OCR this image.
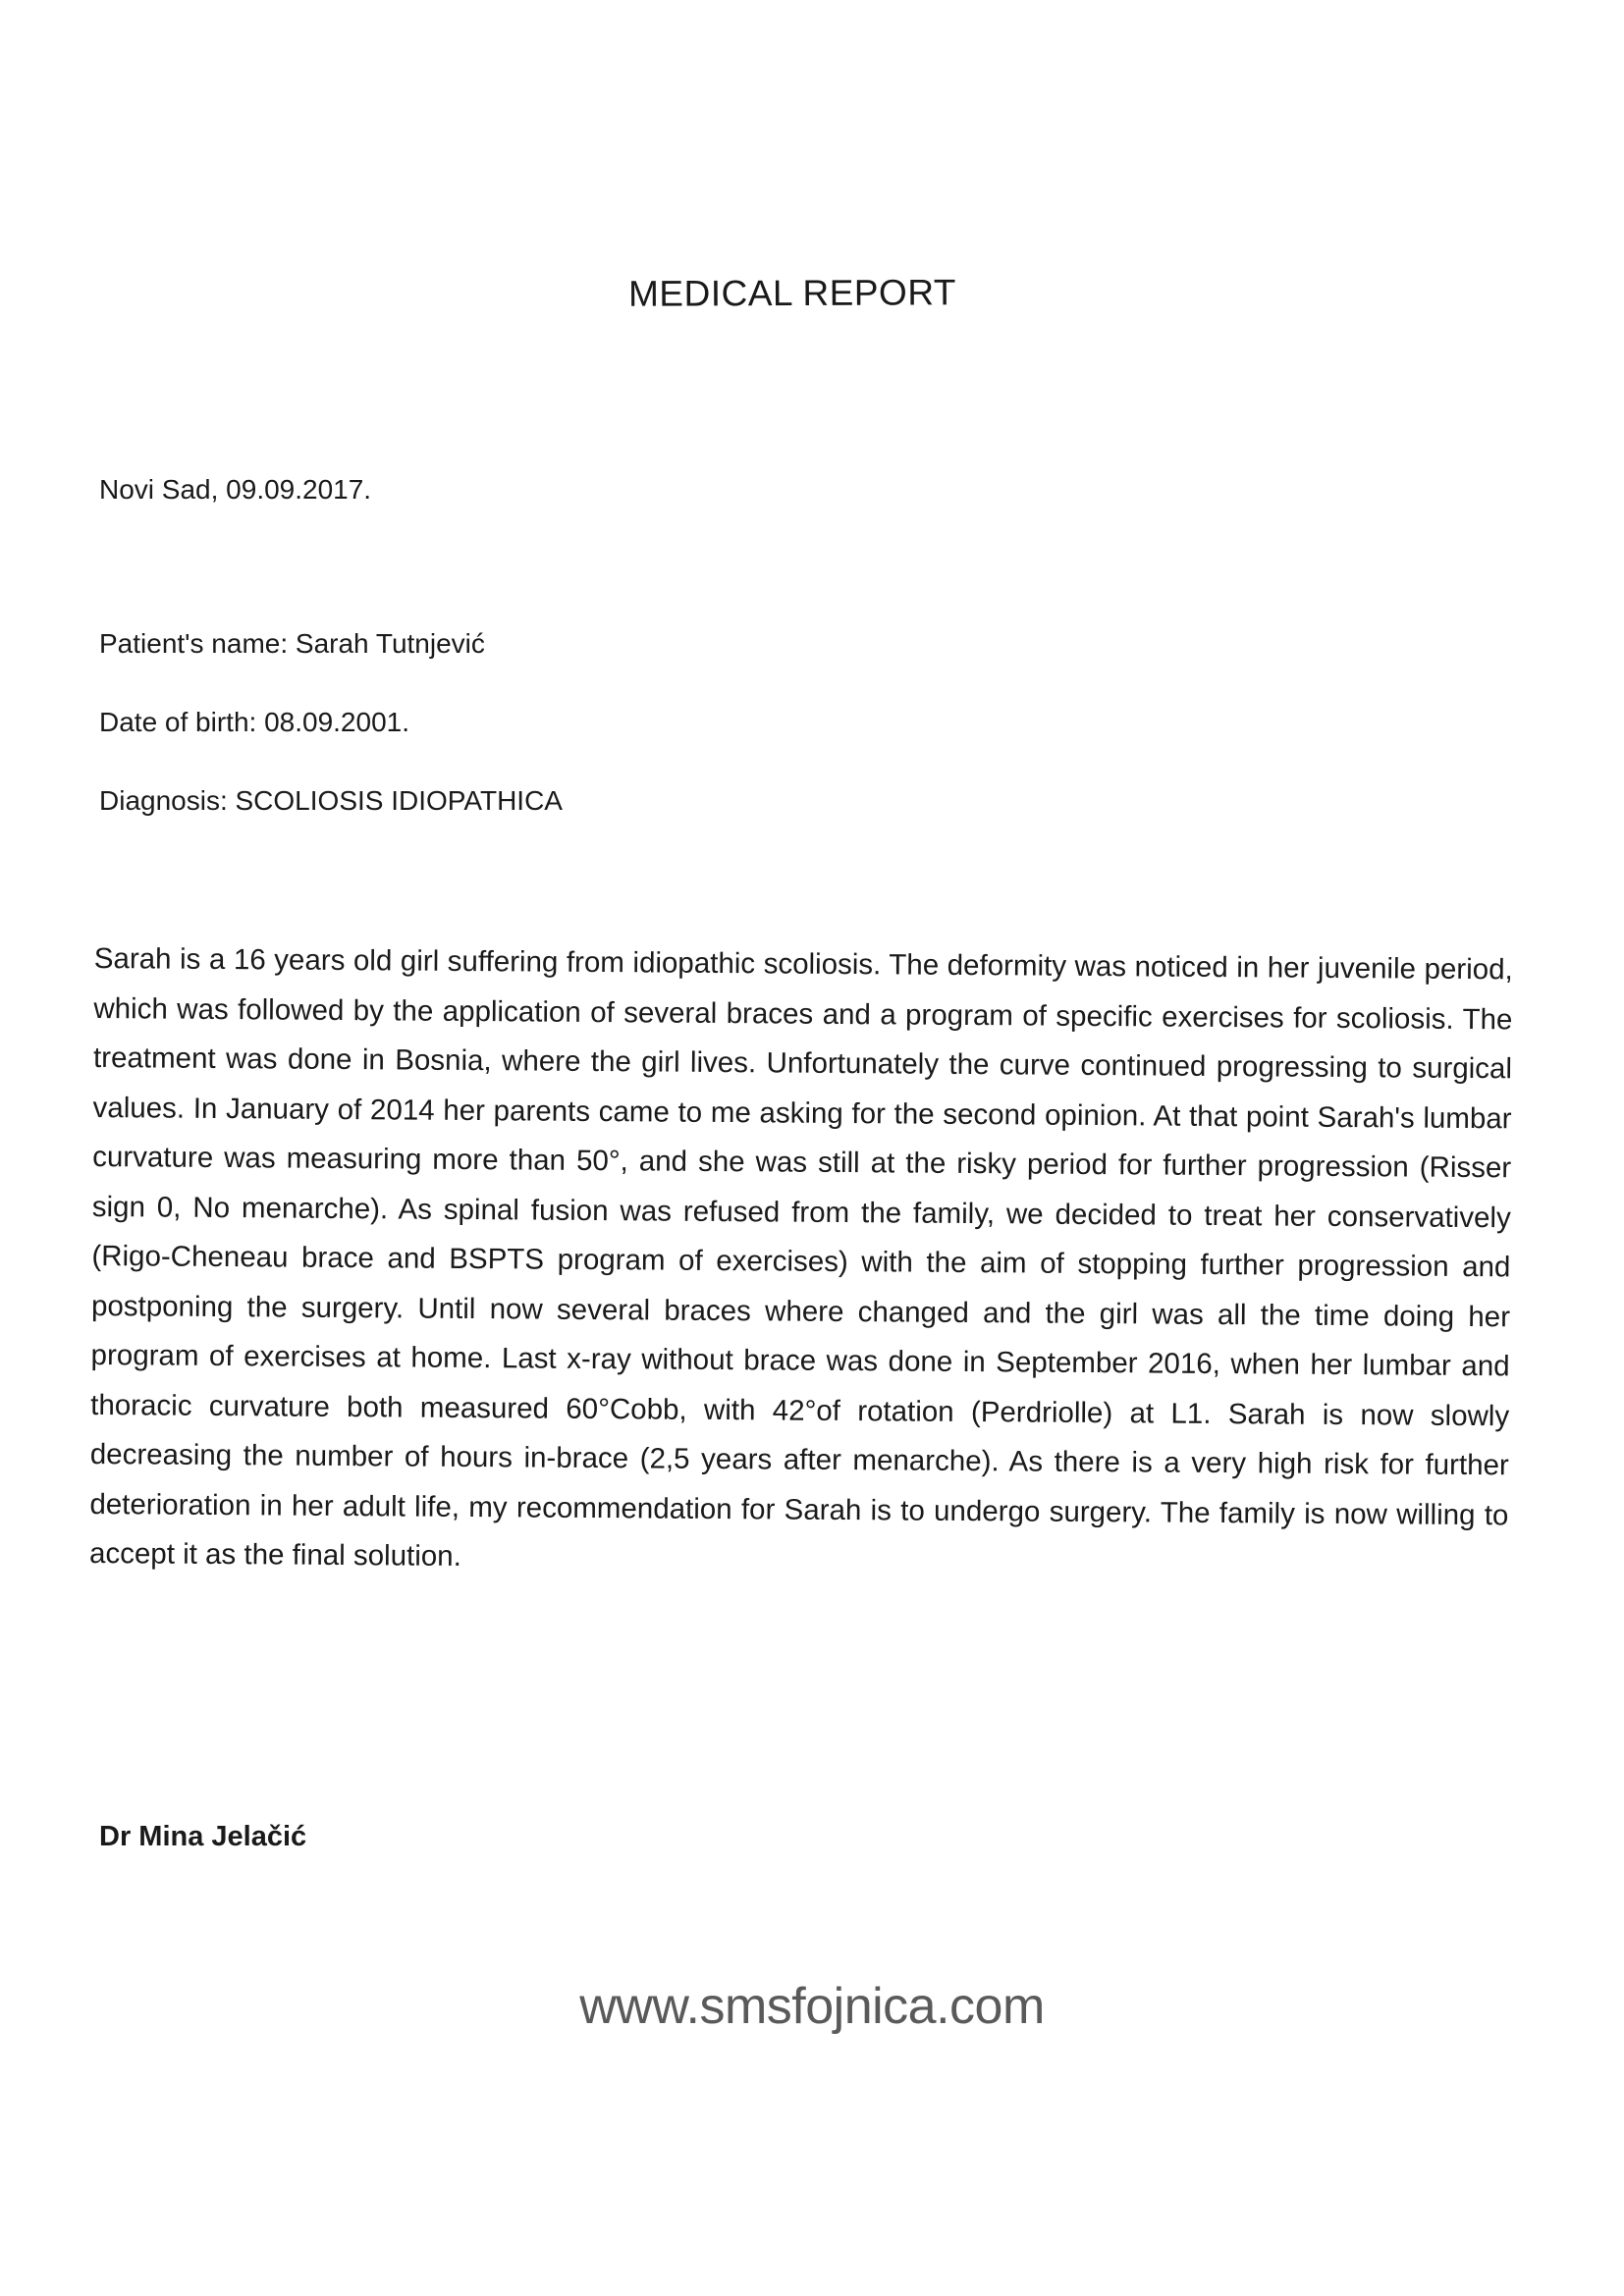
MEDICAL REPORT
Novi Sad, 09.09.2017.
Patient's name: Sarah Tutnjević
Date of birth: 08.09.2001.
Diagnosis: SCOLIOSIS IDIOPATHICA
Sarah is a 16 years old girl suffering from idiopathic scoliosis. The deformity was noticed in her juvenile period, which was followed by the application of several braces and a program of specific exercises for scoliosis. The treatment was done in Bosnia, where the girl lives. Unfortunately the curve continued progressing to surgical values. In January of 2014 her parents came to me asking for the second opinion. At that point Sarah's lumbar curvature was measuring more than 50°, and she was still at the risky period for further progression (Risser sign 0, No menarche). As spinal fusion was refused from the family, we decided to treat her conservatively (Rigo-Cheneau brace and BSPTS program of exercises) with the aim of stopping further progression and postponing the surgery. Until now several braces where changed and the girl was all the time doing her program of exercises at home. Last x-ray without brace was done in September 2016, when her lumbar and thoracic curvature both measured 60°Cobb, with 42°of rotation (Perdriolle) at L1. Sarah is now slowly decreasing the number of hours in-brace (2,5 years after menarche). As there is a very high risk for further deterioration in her adult life, my recommendation for Sarah is to undergo surgery. The family is now willing to accept it as the final solution.
Dr Mina Jelačić
www.smsfojnica.com
